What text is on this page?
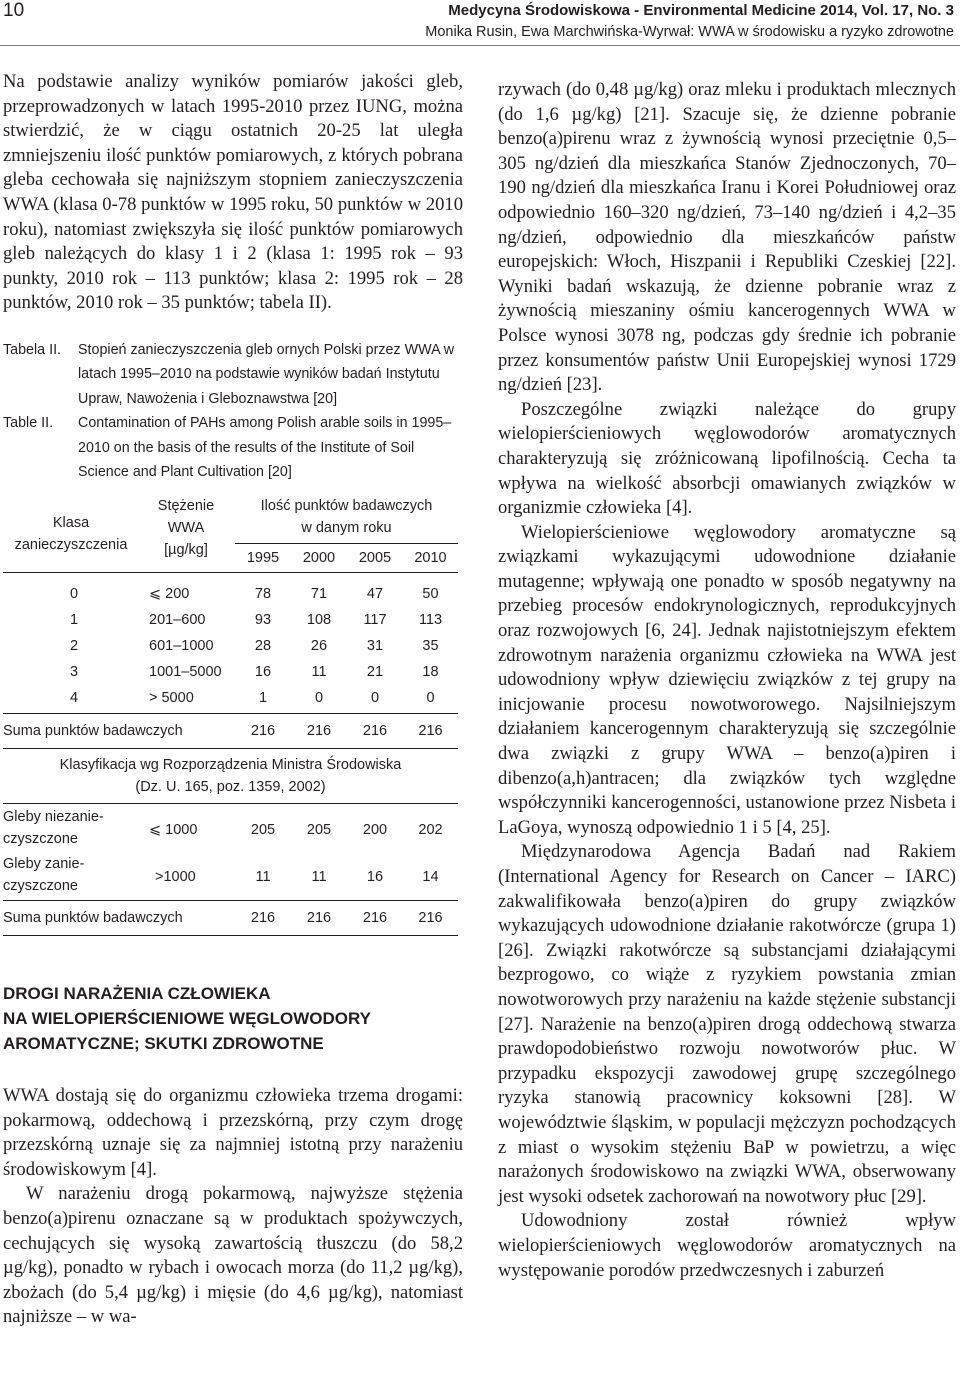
10	Medycyna Środowiskowa - Environmental Medicine 2014, Vol. 17, No. 3
Monika Rusin, Ewa Marchwińska-Wyrwał: WWA w środowisku a ryzyko zdrowotne

Na podstawie analizy wyników pomiarów jakości gleb, przeprowadzonych w latach 1995-2010 przez IUNG, można stwierdzić, że w ciągu ostatnich 20-25 lat uległa zmniejszeniu ilość punktów pomiarowych, z których pobrana gleba cechowała się najniższym stopniem zanieczyszczenia WWA (klasa 0-78 punktów w 1995 roku, 50 punktów w 2010 roku), natomiast zwiększyła się ilość punktów pomiarowych gleb należących do klasy 1 i 2 (klasa 1: 1995 rok – 93 punkty, 2010 rok – 113 punktów; klasa 2: 1995 rok – 28 punktów, 2010 rok – 35 punktów; tabela II).

Tabela II.	Stopień zanieczyszczenia gleb ornych Polski przez WWA w latach 1995–2010 na podstawie wyników badań Instytutu Upraw, Nawożenia i Gleboznawstwa [20]
Table II.	Contamination of PAHs among Polish arable soils in 1995–2010 on the basis of the results of the Institute of Soil Science and Plant Cultivation [20]
Klasa
zanieczyszczenia
Stężenie
WWA
[µg/kg]
Ilość punktów badawczych
w danym roku
1995	2000	2005	2010
0	⩽ 200	78	71	47	50
1	201–600	93	108	117	113
2	601–1000	28	26	31	35
3	1001–5000	16	11	21	18
4	> 5000	1	0	0	0
Suma punktów badawczych	216	216	216	216
Klasyfikacja wg Rozporządzenia Ministra Środowiska
(Dz. U. 165, poz. 1359, 2002)
Gleby niezanie-
czyszczone
⩽ 1000	205	205	200	202
Gleby zanie-
czyszczone
>1000	11	11	16	14
Suma punktów badawczych	216	216	216	216
DROGI NARAŻENIA CZŁOWIEKA
NA WIELOPIERŚCIENIOWE WĘGLOWODORY
AROMATYCZNE; SKUTKI ZDROWOTNE

WWA dostają się do organizmu człowieka trzema drogami: pokarmową, oddechową i przezskórną, przy czym drogę przezskórną uznaje się za najmniej istotną przy narażeniu środowiskowym [4].

W narażeniu drogą pokarmową, najwyższe stężenia benzo(a)pirenu oznaczane są w produktach spożywczych, cechujących się wysoką zawartością tłuszczu (do 58,2 µg/kg), ponadto w rybach i owocach morza (do 11,2 µg/kg), zbożach (do 5,4 µg/kg) i mięsie (do 4,6 µg/kg), natomiast najniższe – w wa-

rzywach (do 0,48 µg/kg) oraz mleku i produktach mlecznych (do 1,6 µg/kg) [21]. Szacuje się, że dzienne pobranie benzo(a)pirenu wraz z żywnością wynosi przeciętnie 0,5–305 ng/dzień dla mieszkańca Stanów Zjednoczonych, 70–190 ng/dzień dla mieszkańca Iranu i Korei Południowej oraz odpowiednio 160–320 ng/dzień, 73–140 ng/dzień i 4,2–35 ng/dzień, odpowiednio dla mieszkańców państw europejskich: Włoch, Hiszpanii i Republiki Czeskiej [22]. Wyniki badań wskazują, że dzienne pobranie wraz z żywnością mieszaniny ośmiu kancerogennych WWA w Polsce wynosi 3078 ng, podczas gdy średnie ich pobranie przez konsumentów państw Unii Europejskiej wynosi 1729 ng/dzień [23].

Poszczególne związki należące do grupy wielopierścieniowych węglowodorów aromatycznych charakteryzują się zróżnicowaną lipofilnością. Cecha ta wpływa na wielkość absorbcji omawianych związków w organizmie człowieka [4].

Wielopierścieniowe węglowodory aromatyczne są związkami wykazującymi udowodnione działanie mutagenne; wpływają one ponadto w sposób negatywny na przebieg procesów endokrynologicznych, reprodukcyjnych oraz rozwojowych [6, 24]. Jednak najistotniejszym efektem zdrowotnym narażenia organizmu człowieka na WWA jest udowodniony wpływ dziewięciu związków z tej grupy na inicjowanie procesu nowotworowego. Najsilniejszym działaniem kancerogennym charakteryzują się szczególnie dwa związki z grupy WWA – benzo(a)piren i dibenzo(a,h)antracen; dla związków tych względne współczynniki kancerogenności, ustanowione przez Nisbeta i LaGoya, wynoszą odpowiednio 1 i 5 [4, 25].

Międzynarodowa Agencja Badań nad Rakiem (International Agency for Research on Cancer – IARC) zakwalifikowała benzo(a)piren do grupy związków wykazujących udowodnione działanie rakotwórcze (grupa 1) [26]. Związki rakotwórcze są substancjami działającymi bezprogowo, co wiąże z ryzykiem powstania zmian nowotworowych przy narażeniu na każde stężenie substancji [27]. Narażenie na benzo(a)piren drogą oddechową stwarza prawdopodobieństwo rozwoju nowotworów płuc. W przypadku ekspozycji zawodowej grupę szczególnego ryzyka stanowią pracownicy koksowni [28]. W województwie śląskim, w populacji mężczyzn pochodzących z miast o wysokim stężeniu BaP w powietrzu, a więc narażonych środowiskowo na związki WWA, obserwowany jest wysoki odsetek zachorowań na nowotwory płuc [29].

Udowodniony został również wpływ wielopierścieniowych węglowodorów aromatycznych na występowanie porodów przedwczesnych i zaburzeń
